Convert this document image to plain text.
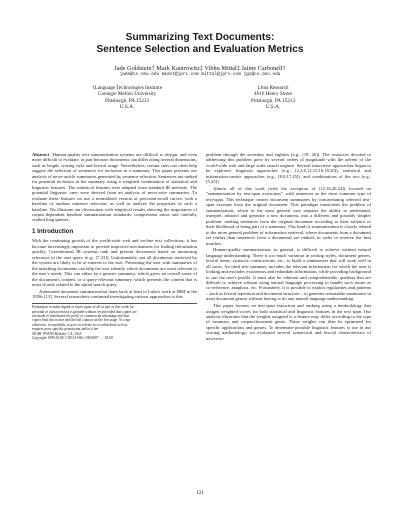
Summarizing Text Documents:
Sentence Selection and Evaluation Metrics
Jade Goldstein† Mark Kantrowitz‡ Vibhu Mittal‡ Jaime Carbonell†
jade@cs.cmu.edu mkant@jprc.com mittal@jprc.com jgc@cs.cmu.edu
†Language Technologies Institute
Carnegie Mellon University
Pittsburgh, PA 15213
U.S.A.
‡Just Research
4616 Henry Street
Pittsburgh, PA 15213
U.S.A.

Abstract Human-quality text summarization systems are difficult to design, and even more difficult to evaluate, in part because documents can differ along several dimensions, such as length, writing style and lexical usage. Nevertheless, certain cues can often help suggest the selection of sentences for inclusion in a summary. This paper presents our analysis of news-article summaries generated by sentence selection. Sentences are ranked for potential inclusion in the summary using a weighted combination of statistical and linguistic features. The statistical features were adapted from standard IR methods. The potential linguistic ones were derived from an analysis of news-wire summaries. To evaluate these features we use a normalized version of precision-recall curves, with a baseline of random sentence selection, as well as analyze the properties of such a baseline. We illustrate our discussions with empirical results showing the importance of corpus-dependent baseline summarization standards, compression ratios and carefully crafted long queries.

1 Introduction

With the continuing growth of the world-wide web and on-line text collections, it has become increasingly important to provide improved mechanisms for finding information quickly. Conventional IR systems rank and present documents based on measuring relevance to the user query (e.g., [7,23]). Unfortunately, not all documents retrieved by the system are likely to be of interest to the user. Presenting the user with summaries of the matching documents can help the user identify which documents are most relevant to the user's needs. This can either be a generic summary, which gives an overall sense of the document's content, or a query-relevant summary, which presents the content that is most closely related to the initial search query.

Automated document summarization dates back at least to Luhn's work at IBM in the 1950s [13]. Several researchers continued investigating various approaches to this

Permission to make digital or hard copies of all or part of this work for
personal or classroom use is granted without fee provided that copies are
not made or distributed for profit or commercial advantage and that
copies bear this notice and the full citation on the first page. To copy
otherwise, to republish, to post on servers or to redistribute to lists,
requires prior specific permission and/or a fee.
SIGIR '99 8/99 Berkley, CA, USA
Copyright 1999 ACM 1-58113-096-1/99/0007 . . . $5.00

problem through the seventies and eighties (e.g., [19, 26]). The resources devoted to addressing this problem grew by several orders of magnitude with the advent of the world-wide web and large scale search engines. Several innovative approaches began to be explored: linguistic approaches (e.g., [2,3,6,12,15,16,18,20]), statistical and information-centric approaches (e.g., [8,9,17,25]), and combinations of the two (e.g., [5,25]).

Almost all of this work (with the exception of [12,16,20,24]) focused on "summarization by text-span extraction", with sentences as the most common type of text-span. This technique creates document summaries by concatenating selected text-span excerpts from the original document. This paradigm transforms the problem of summarization, which in the most general case requires the ability to understand, interpret, abstract and generate a new document, into a different and possibly simpler problem: ranking sentences from the original document according to their salience or their likelihood of being part of a summary. This kind of summarization is closely related to the more general problem of information retrieval, where documents from a document set (rather than sentences from a document) are ranked, in order to retrieve the best matches.

Human-quality summarization, in general, is difficult to achieve without natural language understanding. There is too much variation in writing styles, document genres, lexical items, syntactic constructions, etc., to build a summarizer that will work well in all cases. An ideal text summary includes the relevant information for which the user is looking and excludes extraneous and redundant information, while providing background to suit the user's profile. It must also be coherent and comprehensible, qualities that are difficult to achieve without using natural language processing to handle such issues as co-reference, anaphora, etc. Fortunately, it is possible to exploit regularities and patterns – such as lexical repetition and document structure – to generate reasonable summaries in most document genres without having to do any natural language understanding.

This paper focuses on text-span extraction and ranking using a methodology that assigns weighted scores for both statistical and linguistic features in the text span. Our analysis illustrates that the weights assigned to a feature may differ according to the type of summary and corpus/document genre. These weights can then be optimized for specific applications and genres. To determine possible linguistic features to use in our scoring methodology, we evaluated several syntactical and lexical characteristics of newswire

121
